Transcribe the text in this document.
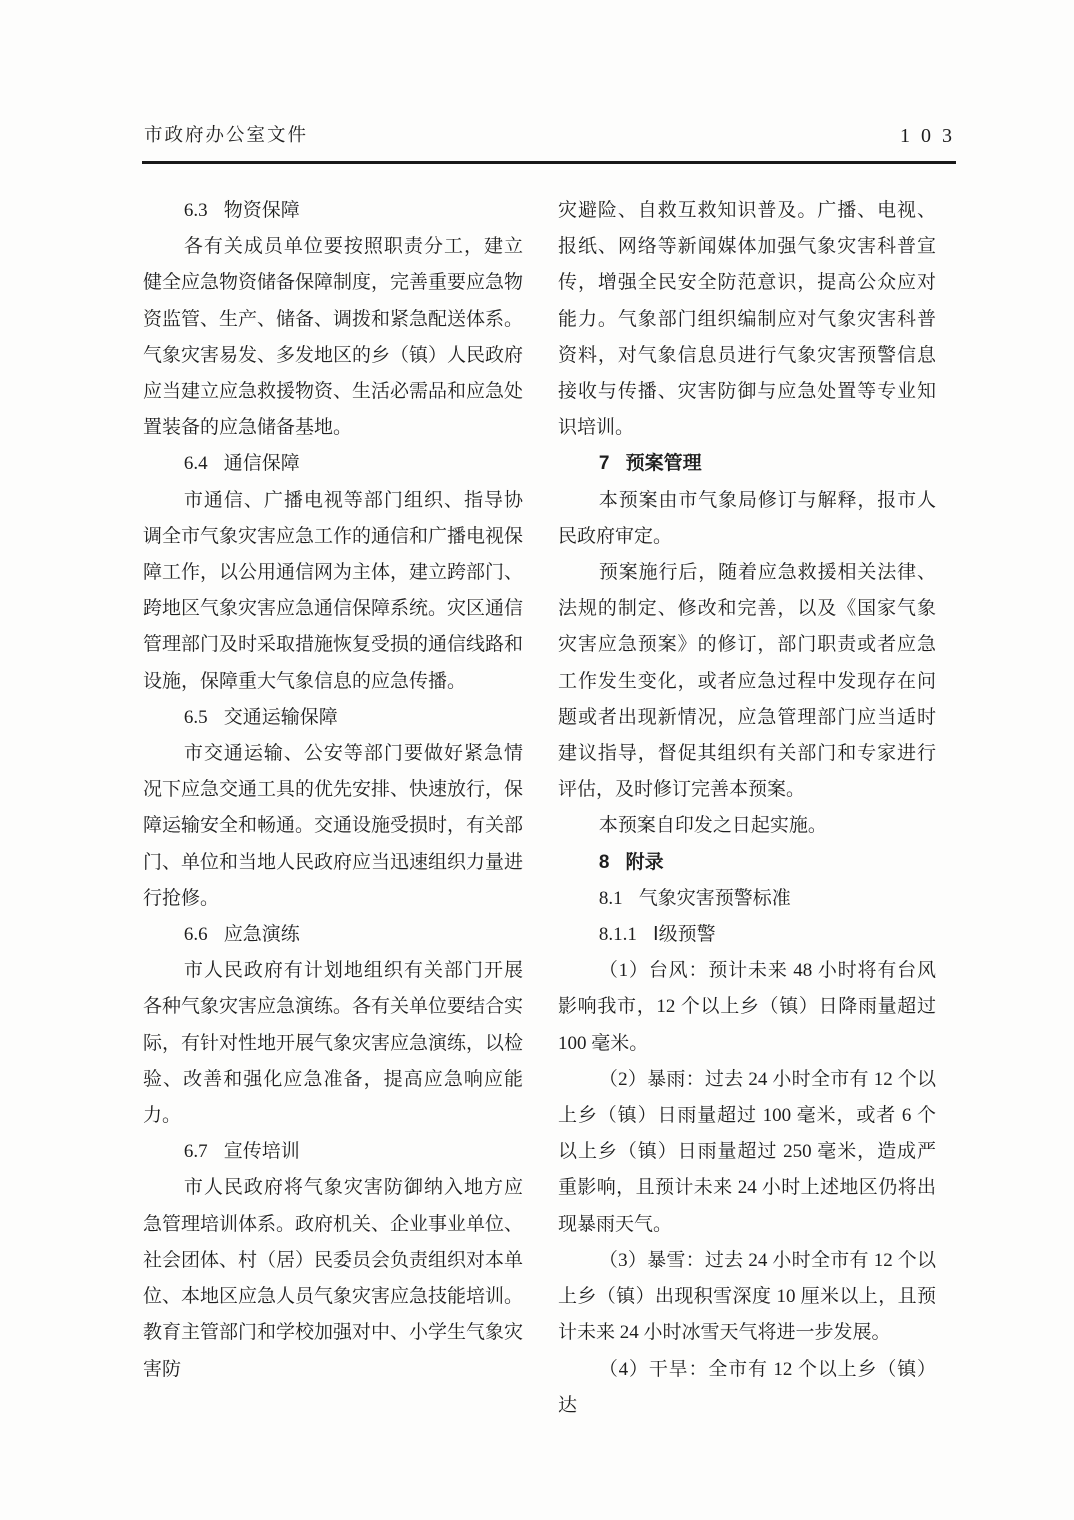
市政府办公室文件	103

6.3 物资保障

各有关成员单位要按照职责分工，建立健全应急物资储备保障制度，完善重要应急物资监管、生产、储备、调拨和紧急配送体系。气象灾害易发、多发地区的乡（镇）人民政府应当建立应急救援物资、生活必需品和应急处置装备的应急储备基地。

6.4 通信保障

市通信、广播电视等部门组织、指导协调全市气象灾害应急工作的通信和广播电视保障工作，以公用通信网为主体，建立跨部门、跨地区气象灾害应急通信保障系统。灾区通信管理部门及时采取措施恢复受损的通信线路和设施，保障重大气象信息的应急传播。

6.5 交通运输保障

市交通运输、公安等部门要做好紧急情况下应急交通工具的优先安排、快速放行，保障运输安全和畅通。交通设施受损时，有关部门、单位和当地人民政府应当迅速组织力量进行抢修。

6.6 应急演练

市人民政府有计划地组织有关部门开展各种气象灾害应急演练。各有关单位要结合实际，有针对性地开展气象灾害应急演练，以检验、改善和强化应急准备，提高应急响应能力。

6.7 宣传培训

市人民政府将气象灾害防御纳入地方应急管理培训体系。政府机关、企业事业单位、社会团体、村（居）民委员会负责组织对本单位、本地区应急人员气象灾害应急技能培训。教育主管部门和学校加强对中、小学生气象灾害防

灾避险、自救互救知识普及。广播、电视、报纸、网络等新闻媒体加强气象灾害科普宣传，增强全民安全防范意识，提高公众应对能力。气象部门组织编制应对气象灾害科普资料，对气象信息员进行气象灾害预警信息接收与传播、灾害防御与应急处置等专业知识培训。

7 预案管理

本预案由市气象局修订与解释，报市人民政府审定。

预案施行后，随着应急救援相关法律、法规的制定、修改和完善，以及《国家气象灾害应急预案》的修订，部门职责或者应急工作发生变化，或者应急过程中发现存在问题或者出现新情况，应急管理部门应当适时建议指导，督促其组织有关部门和专家进行评估，及时修订完善本预案。

本预案自印发之日起实施。

8 附录

8.1 气象灾害预警标准

8.1.1 Ⅰ级预警

（1）台风：预计未来 48 小时将有台风影响我市，12 个以上乡（镇）日降雨量超过 100 毫米。

（2）暴雨：过去 24 小时全市有 12 个以上乡（镇）日雨量超过 100 毫米，或者 6 个以上乡（镇）日雨量超过 250 毫米，造成严重影响，且预计未来 24 小时上述地区仍将出现暴雨天气。

（3）暴雪：过去 24 小时全市有 12 个以上乡（镇）出现积雪深度 10 厘米以上，且预计未来 24 小时冰雪天气将进一步发展。

（4）干旱：全市有 12 个以上乡（镇）达
